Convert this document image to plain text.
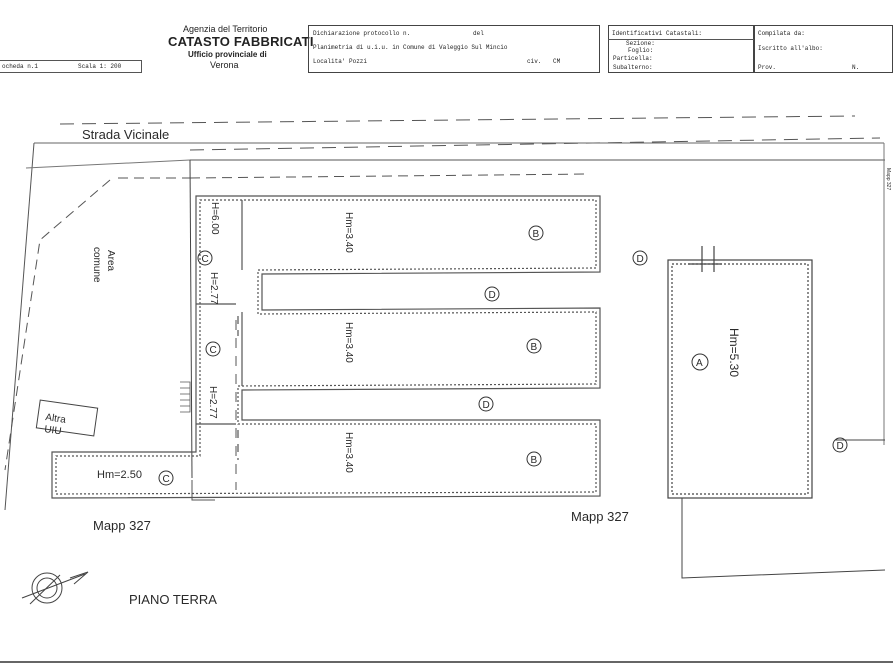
ocheda n.1	Scala 1: 200
Agenzia del Territorio
CATASTO FABBRICATI
Ufficio provinciale di
Verona
Dichiarazione protocollo n.	del
Planimetria di u.i.u. in Comune di Valeggio Sul Mincio
Localita' Pozzi	civ. CM
Identificativi Catastali:
Sezione:
Foglio:
Particella:
Subalterno:
Compilata da:
Iscritto all'albo:
Prov.	N.
B
B
B
D
D
D
D
A
C
C
C
Strada Vicinale
Area
comune
Altra
UIU
H=6.00
H=2.77
H=2.77
Hm=3.40
Hm=3.40
Hm=3.40
Hm=5.30
Hm=2.50
Mapp 327
Mapp 327
PIANO TERRA
Mapp 327
